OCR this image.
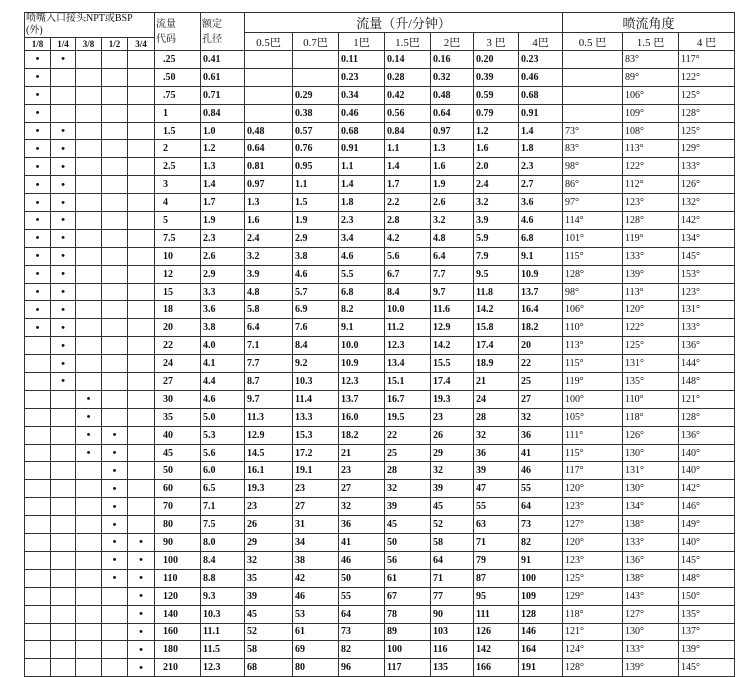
喷嘴入口接头NPT或BSP
(外)					流量
代码	额定
孔径	流量（升/分钟）							喷流角度		
							0.5巴	0.7巴	1巴	1.5巴	2巴	3 巴	4巴	0.5 巴	1.5 巴	4 巴
1/8	1/4	3/8	1/2	3/4												
•	•				.25	0.41			0.11	0.14	0.16	0.20	0.23		83°	117°
•					.50	0.61			0.23	0.28	0.32	0.39	0.46		89°	122°
•					.75	0.71		0.29	0.34	0.42	0.48	0.59	0.68		106°	125°
•					1	0.84		0.38	0.46	0.56	0.64	0.79	0.91		109°	128°
•	•				1.5	1.0	0.48	0.57	0.68	0.84	0.97	1.2	1.4	73°	108°	125°
•	•				2	1.2	0.64	0.76	0.91	1.1	1.3	1.6	1.8	83°	113°	129°
•	•				2.5	1.3	0.81	0.95	1.1	1.4	1.6	2.0	2.3	98°	122°	133°
•	•				3	1.4	0.97	1.1	1.4	1.7	1.9	2.4	2.7	86°	112°	126°
•	•				4	1.7	1.3	1.5	1.8	2.2	2.6	3.2	3.6	97°	123°	132°
•	•				5	1.9	1.6	1.9	2.3	2.8	3.2	3.9	4.6	114°	128°	142°
•	•				7.5	2.3	2.4	2.9	3.4	4.2	4.8	5.9	6.8	101°	119°	134°
•	•				10	2.6	3.2	3.8	4.6	5.6	6.4	7.9	9.1	115°	133°	145°
•	•				12	2.9	3.9	4.6	5.5	6.7	7.7	9.5	10.9	128°	139°	153°
•	•				15	3.3	4.8	5.7	6.8	8.4	9.7	11.8	13.7	98°	113°	123°
•	•				18	3.6	5.8	6.9	8.2	10.0	11.6	14.2	16.4	106°	120°	131°
•	•				20	3.8	6.4	7.6	9.1	11.2	12.9	15.8	18.2	110°	122°	133°
	•				22	4.0	7.1	8.4	10.0	12.3	14.2	17.4	20	113°	125°	136°
	•				24	4.1	7.7	9.2	10.9	13.4	15.5	18.9	22	115°	131°	144°
	•				27	4.4	8.7	10.3	12.3	15.1	17.4	21	25	119°	135°	148°
		•			30	4.6	9.7	11.4	13.7	16.7	19.3	24	27	100°	110°	121°
		•			35	5.0	11.3	13.3	16.0	19.5	23	28	32	105°	118°	128°
		•	•		40	5.3	12.9	15.3	18.2	22	26	32	36	111°	126°	136°
		•	•		45	5.6	14.5	17.2	21	25	29	36	41	115°	130°	140°
			•		50	6.0	16.1	19.1	23	28	32	39	46	117°	131°	140°
			•		60	6.5	19.3	23	27	32	39	47	55	120°	130°	142°
			•		70	7.1	23	27	32	39	45	55	64	123°	134°	146°
			•		80	7.5	26	31	36	45	52	63	73	127°	138°	149°
			•	•	90	8.0	29	34	41	50	58	71	82	120°	133°	140°
			•	•	100	8.4	32	38	46	56	64	79	91	123°	136°	145°
			•	•	110	8.8	35	42	50	61	71	87	100	125°	138°	148°
				•	120	9.3	39	46	55	67	77	95	109	129°	143°	150°
				•	140	10.3	45	53	64	78	90	111	128	118°	127°	135°
				•	160	11.1	52	61	73	89	103	126	146	121°	130°	137°
				•	180	11.5	58	69	82	100	116	142	164	124°	133°	139°
				•	210	12.3	68	80	96	117	135	166	191	128°	139°	145°
